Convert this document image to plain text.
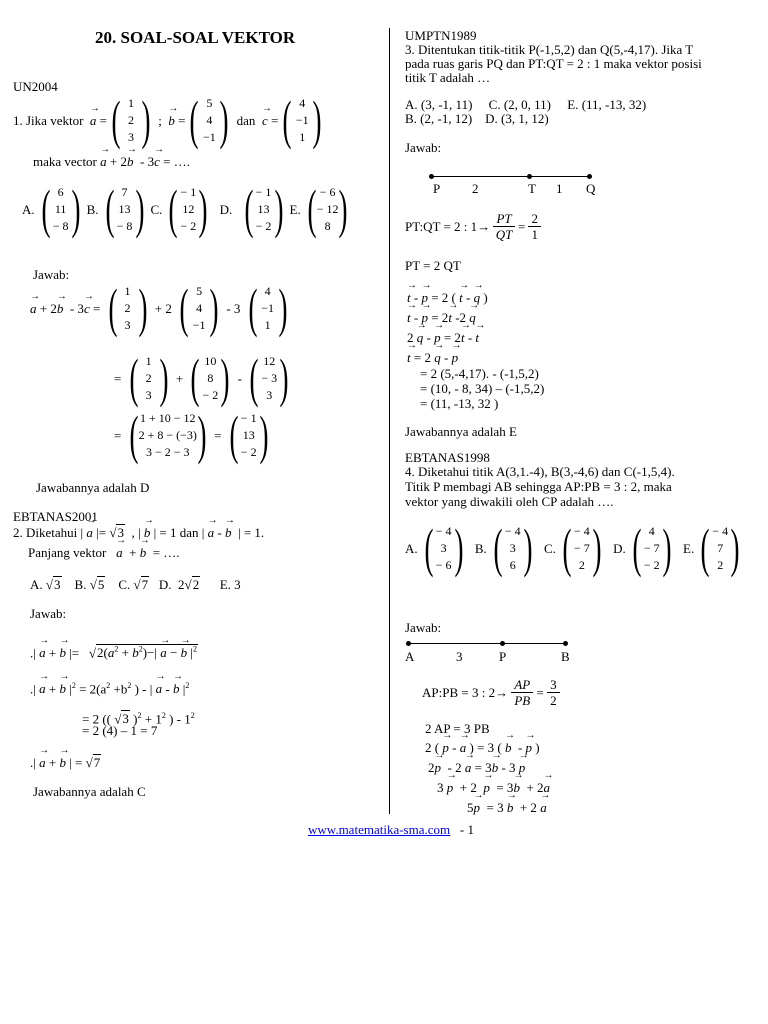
20. SOAL-SOAL VEKTOR
UN2004
1. Jika vektor
→ a = ( 1
2
3 ) ; → b = ( 5
4
−1 )
dan
→ c = ( 4
−1
1 )
maka vector → a + 2→ b  - 3→ c = ….
A. ( 6
11
− 8 ) B. ( 7
13
− 8 ) C. ( − 1
12
− 2 )
D.
( − 1
13
− 2 ) E. ( − 6
− 12
8 )
Jawab:
→ a + 2 → b - 3 → c = ( 1
2
3 ) + 2 ( 5
4
−1 ) - 3 ( 4
−1
1 )
= ( 1
2
3 ) + ( 10
8
− 2 ) - ( 12
− 3
3 )
= ( 1 + 10 − 12
2 + 8 − (−3)
3 − 2 − 3 ) = ( − 1
13
− 2 )
Jawabannya adalah D
EBTANAS2001
2. Diketahui | → a |= √3  , | → b | = 1 dan | → a - → b  | = 1.
Panjang vektor → a  + → b  = ….
A. √3 B. √5 C. √7 D.  2√2 E. 3
Jawab:
.| → a + → b |=   $√2(a^2 + b^2)-| \to a$ − → b $|^2$
.| → a + → b $|^2 = 2(a^2 +b^2$ ) - | → a - → b $|^2$
= 2 (( √3 )$^2 + 1^2$ ) - $1^2$
= 2 (4) – 1 = 7
.| → a + → b | = √7
Jawabannya adalah C
UMPTN1989
3. Ditentukan titik-titik P(-1,5,2) dan Q(5,-4,17). Jika T
pada ruas garis PQ dan PT:QT = 2 : 1 maka vektor posisi
titik T adalah …
A. (3, -1, 11) C. (2, 0, 11) E. (11, -13, 32)
B. (2, -1, 12) D. (3, 1, 12)
Jawab:
P 2	T 1 Q
PT:QT = 2 : $1 \to \frac{PT}{QT} = \frac{2}{1}$
PT = 2 QT
→ t - → p = 2 ( → t - → q )
→ t - → p = 2→ t -2 → q
2 → q - → p = 2→ t - → t
→ t = 2 → q - → p
= 2 (5,-4,17). - (-1,5,2)
= (10, - 8, 34) – (-1,5,2)
= (11, -13, 32 )
Jawabannya adalah E
EBTANAS1998
4. Diketahui titik A(3,1.-4), B(3,-4,6) dan C(-1,5,4).
Titik P membagi AB sehingga AP:PB = 3 : 2, maka
vektor yang diwakili oleh CP adalah ….
A. ( − 4
3
− 6 )
B. ( − 4
3
6 )
C. ( − 4
− 7
2 )
D. ( 4
− 7
− 2 )
E. ( − 4
7
2 )
Jawab:
A	3	P	B
AP:PB = 3 : $2 \to \frac{AP}{PB} = \frac{3}{2}$
2 AP = 3 PB
2 ( → p - → a ) = 3 ( → b  - → p )
2→ p  - 2 → a = 3→ b - 3 → p
3 → p  + 2  → p  = 3→ b  + 2→ a
5→ p  = 3 → b  + 2 → a
www.matematika-sma.com - 1
